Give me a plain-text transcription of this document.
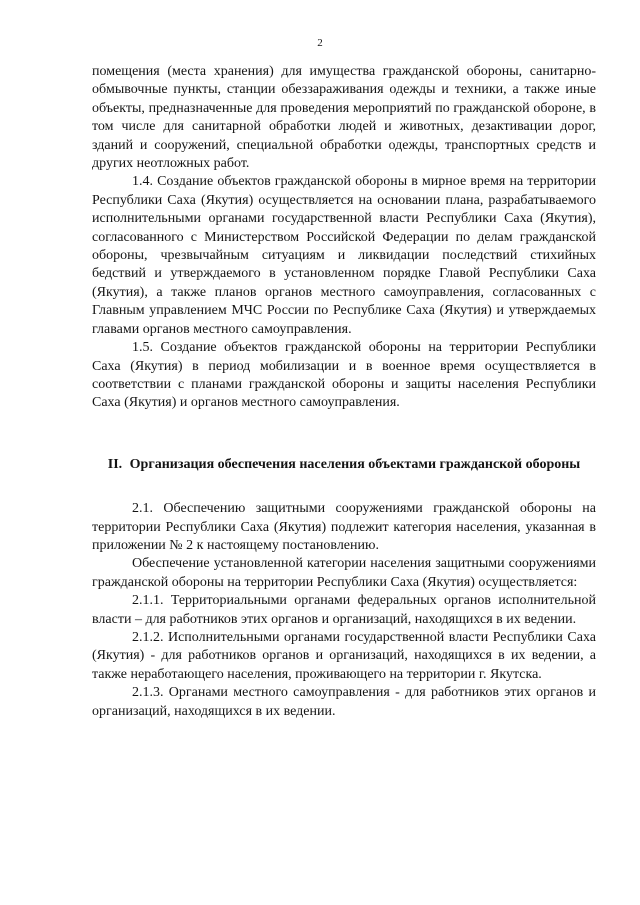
2

помещения (места хранения) для имущества гражданской обороны, санитарно-обмывочные пункты, станции обеззараживания одежды и техники, а также иные объекты, предназначенные для проведения мероприятий по гражданской обороне, в том числе для санитарной обработки людей и животных, дезактивации дорог, зданий и сооружений, специальной обработки одежды, транспортных средств и других неотложных работ.

1.4. Создание объектов гражданской обороны в мирное время на территории Республики Саха (Якутия) осуществляется на основании плана, разрабатываемого исполнительными органами государственной власти Республики Саха (Якутия), согласованного с Министерством Российской Федерации по делам гражданской обороны, чрезвычайным ситуациям и ликвидации последствий стихийных бедствий и утверждаемого в установленном порядке Главой Республики Саха (Якутия), а также планов органов местного самоуправления, согласованных с Главным управлением МЧС России по Республике Саха (Якутия) и утверждаемых главами органов местного самоуправления.

1.5. Создание объектов гражданской обороны на территории Республики Саха (Якутия) в период мобилизации и в военное время осуществляется в соответствии с планами гражданской обороны и защиты населения Республики Саха (Якутия) и органов местного самоуправления.

II. Организация обеспечения населения объектами гражданской обороны

2.1. Обеспечению защитными сооружениями гражданской обороны на территории Республики Саха (Якутия) подлежит категория населения, указанная в приложении № 2 к настоящему постановлению.

Обеспечение установленной категории населения защитными сооружениями гражданской обороны на территории Республики Саха (Якутия) осуществляется:

2.1.1. Территориальными органами федеральных органов исполнительной власти – для работников этих органов и организаций, находящихся в их ведении.

2.1.2. Исполнительными органами государственной власти Республики Саха (Якутия) - для работников органов и организаций, находящихся в их ведении, а также неработающего населения, проживающего на территории г. Якутска.

2.1.3. Органами местного самоуправления - для работников этих органов и организаций, находящихся в их ведении.
